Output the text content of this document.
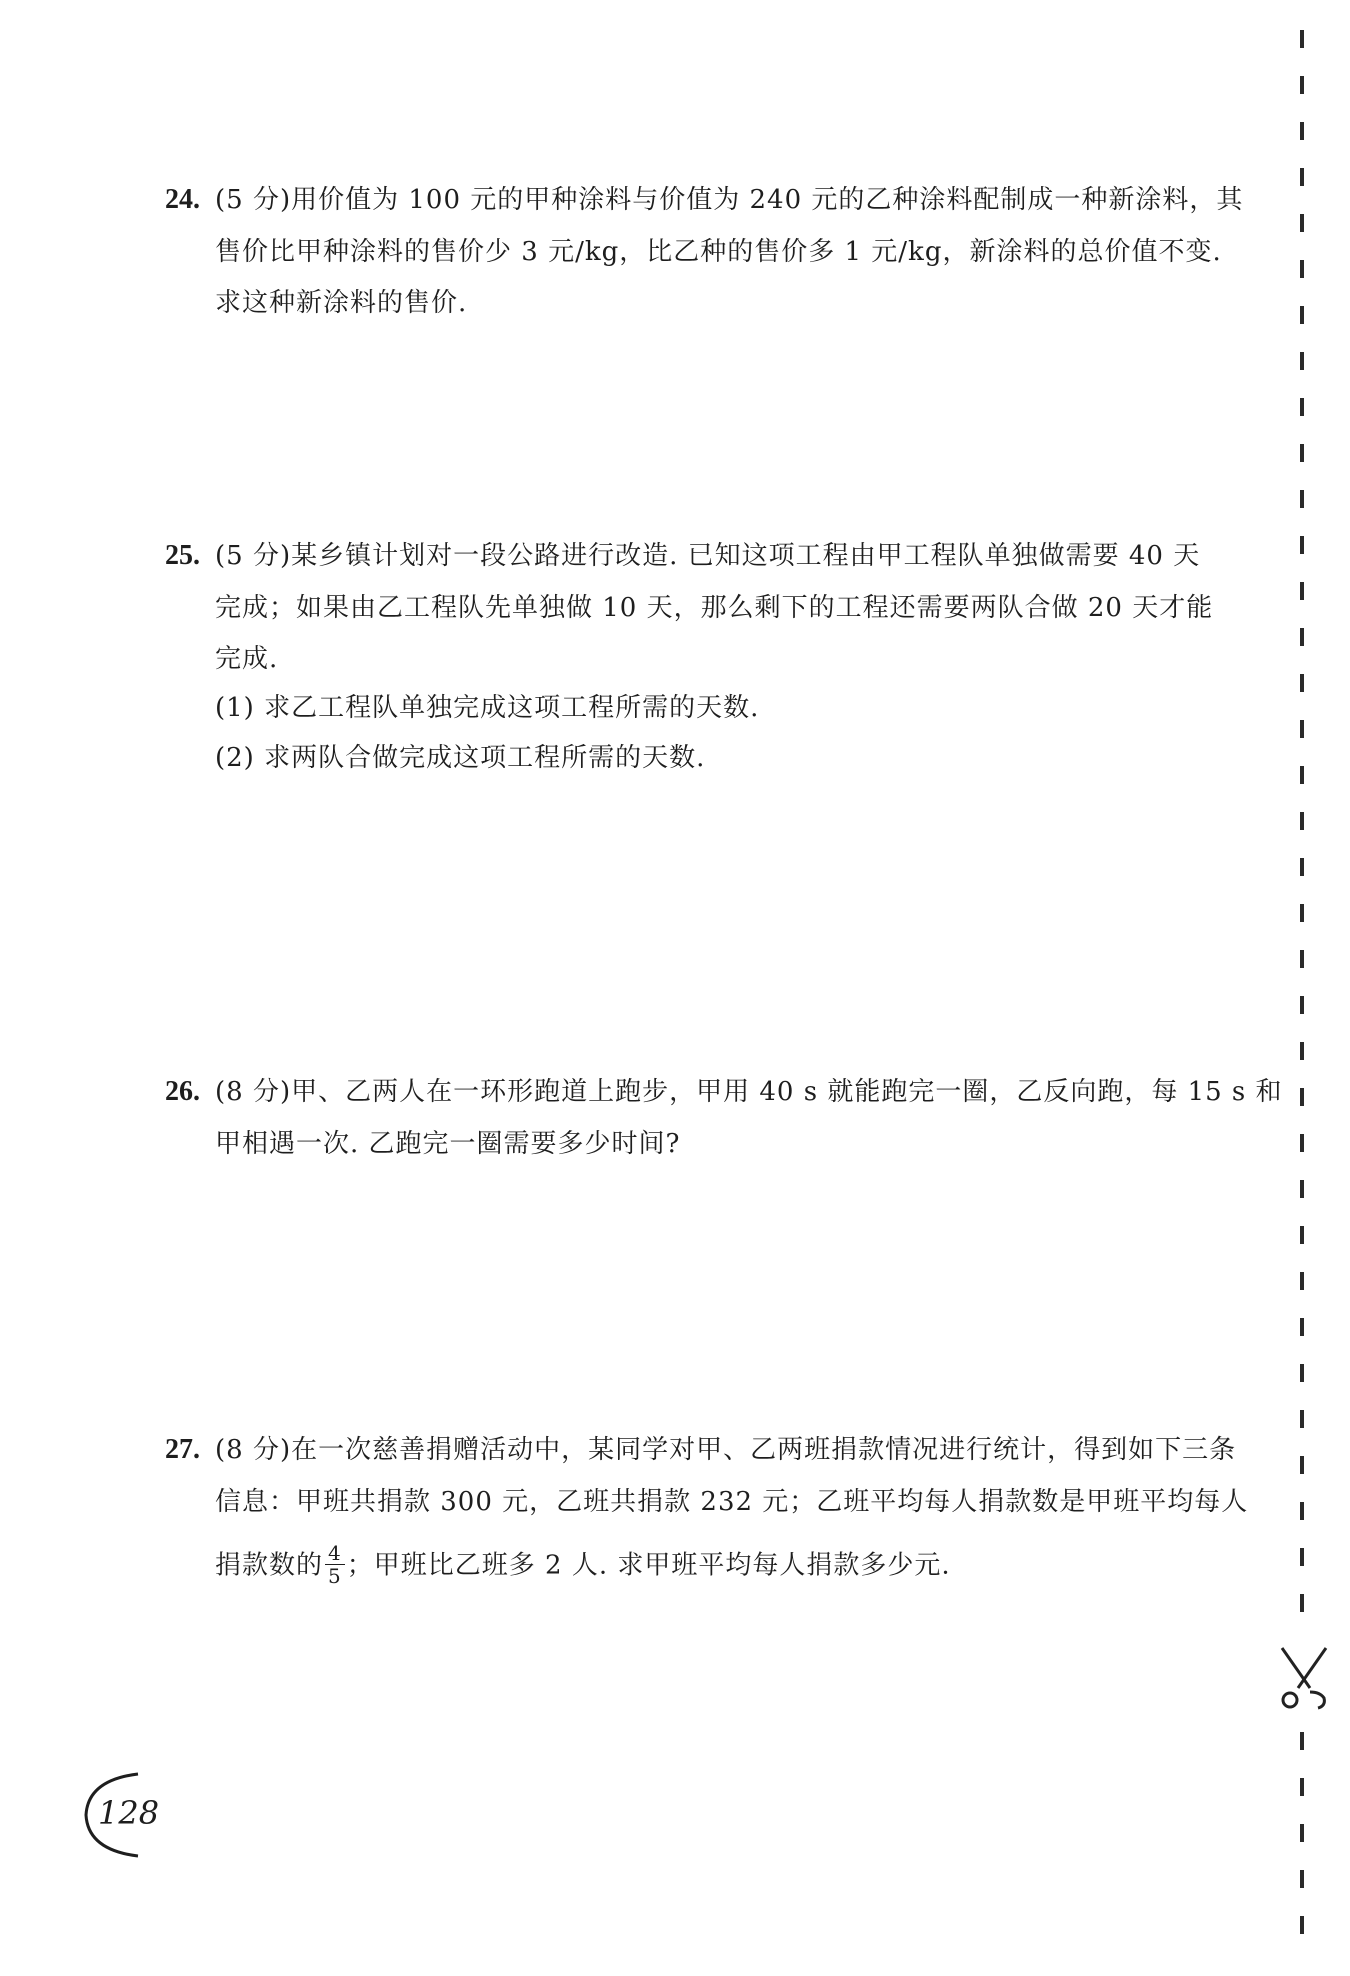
24. (5 分)用价值为 100 元的甲种涂料与价值为 240 元的乙种涂料配制成一种新涂料，其
售价比甲种涂料的售价少 3 元/kg，比乙种的售价多 1 元/kg，新涂料的总价值不变.
求这种新涂料的售价.
25. (5 分)某乡镇计划对一段公路进行改造. 已知这项工程由甲工程队单独做需要 40 天
完成；如果由乙工程队先单独做 10 天，那么剩下的工程还需要两队合做 20 天才能
完成.
(1) 求乙工程队单独完成这项工程所需的天数.
(2) 求两队合做完成这项工程所需的天数.
26. (8 分)甲、乙两人在一环形跑道上跑步，甲用 40 s 就能跑完一圈，乙反向跑，每 15 s 和
甲相遇一次. 乙跑完一圈需要多少时间?
27. (8 分)在一次慈善捐赠活动中，某同学对甲、乙两班捐款情况进行统计，得到如下三条
信息：甲班共捐款 300 元，乙班共捐款 232 元；乙班平均每人捐款数是甲班平均每人
捐款数的 $\frac{4}{5}$ ；甲班比乙班多 2 人. 求甲班平均每人捐款多少元.
128
